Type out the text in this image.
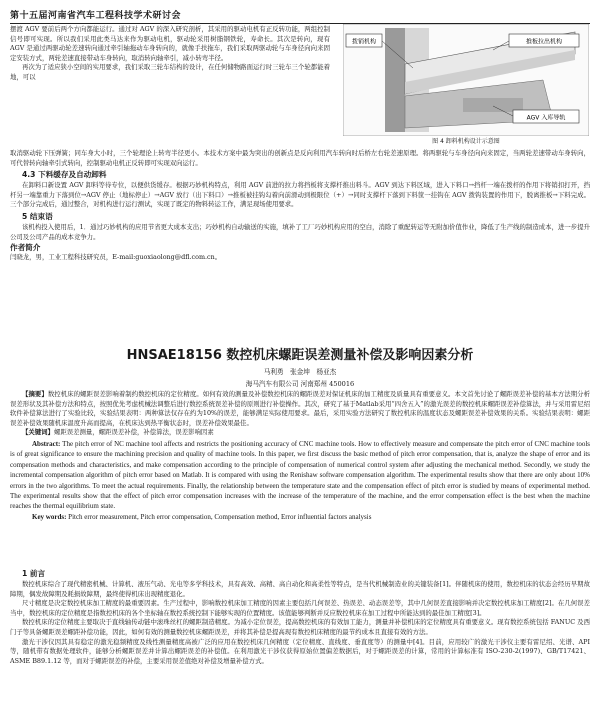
第十五届河南省汽车工程科技学术研讨会

摆渡 AGV 要前后两个方向都能运行。通过对 AGV 的深入研究剖析，其采用的驱动电机有正反转功能，两组控制信号即可实现。所以我们采用此类马达来作为驱动电机，驱动轮采用树脂钢铁轮，寿命长。其次是转向，现有 AGV 是通过两驱动轮差速转向通过牵引轴拖动车身转向的，就像手扶拖车，我们采取两驱动轮与车身径向向来固定安装方式，两轮差速直接带动车身转向，取消转向轴牵引，减小转弯半径。

再次为了适应狭小空间的实用要求，我们采取三轮车结构的设计，在任何储物路面运行时三轮车三个轮都能着地，可以

拨销机构	推板拉出机构
AGV 入库导轨
图 4 卸料机构设计示意图

取消驱动轮下压弹簧；同车身大小时，三个轮理论上转弯半径更小。本技术方案中最为突出的创新点是反向利用汽车转向时后桥左右轮差速原理。将两驱轮与车身径向向来固定，当两轮差速带动车身转向，可代替转向轴牵引式转向，控制驱动电机正反转即可实现双向运行。

4.3 下料缓存及自动卸料

在卸料口新设置 AGV 卸料等待专位，以便供货缓存。根据巧妙机构特点，利用 AGV 前进的拉力将挡板将支撑杆推出料斗。AGV 到达下料区域，进入下料口→挡杆一端在拨杆的作用下将销扣打开，挡杆另一端靠重力下落到位→AGV 停止（地标停止）→AGV 放行（出下料口）→推板被挂钩勾着向前滑动到极限位（+）→同时支撑杆下落到下料筐一挂钩在 AGV 拨钩装置的作用下，脱离推板→下料完成。三个部分完成后，通过整合，对机构进行运行测试，实现了既定的物料转运工作，满足现场使用要求。

5 结束语

该机构投入使用后，1．通过巧妙机构的应用节省更大成本支出；巧妙机构自动输送的实施，填补了工厂巧妙机构应用的空白，消除了重配转运等无附加价值作业，降低了生产线的制造成本，进一步提升公司及公司产品的成本竞争力。

作者简介

闫晓龙，男，工业工程科技研究员，E-mail:guoxiaolong@dfl.com.cn。

HNSAE18156 数控机床螺距误差测量补偿及影响因素分析
马利勇　张金坤　杨亚杰
海马汽车有限公司 河南郑州 450016

【摘要】数控机床的螺距误差影响着制约数控机床的定位精度。如何有效的测量及补偿数控机床的螺距误差对保证机床的加工精度及质量具有重要意义。本文首先讨论了螺距误差补偿的基本方法期分析误差形状及其补偿方法和特点，按照优先考虑机械法调整后进行数控系统误差补偿的原则进行补偿操作。其次，研究了基于Matlab采用“四舍五入”的激光误差的数控机床螺距误差补偿算法，并与采用雷尼绍软件补偿算法进行了实验比较，实验结果表明：两种算法仅存在约为10%的误差，能够满足实际使用要求。最后，采用实验方法研究了数控机床的温度状态及螺距误差补偿效果的关系。实验结果表明：螺距误差补偿效果随机床温度升高而提高，在机床达到热平衡状态时，误差补偿效果最佳。

【关键词】螺距误差测量，螺距误差补偿，补偿算法，误差影响因素

Abstract: The pitch error of NC machine tool affects and restricts the positioning accuracy of CNC machine tools. How to effectively measure and compensate the pitch error of CNC machine tools is of great significance to ensure the machining precision and quality of machine tools. In this paper, we first discuss the basic method of pitch error compensation, that is, analyze the shape of error and its compensation methods and characteristics, and make compensation according to the principle of compensation of numerical control system after adjusting the mechanical method. Secondly, we study the incremental compensation algorithm of pitch error based on Matlab. It is compared with using the Renishaw software compensation algorithm. The experimental results show that there are only about 10% errors in the two algorithms. To meet the actual requirements. Finally, the relationship between the temperature state and the compensation effect of pitch error is studied by means of experimental method. The experimental results show that the effect of pitch error compensation increases with the increase of the temperature of the machine, and the error compensation effect is the best when the machine reaches the thermal equilibrium state.

Key words: Pitch error measurement, Pitch error compensation, Compensation method, Error influential factors analysis

1 前言

数控机床综合了现代精密机械、计算机、液压气动、光电等多学科技术，具有高效、高精、高自动化和高柔性等特点，是当代机械制造业的关键装备[1]。伴随机床的使用，数控机床的状态会经历早期故障期，偶发故障期及耗损故障期，最终使得机床出现精度退化。

尺寸精度是决定数控机床加工精度的最重要因素。生产过程中，影响数控机床加工精度的因素主要包括几何误差、热误差、动态误差等，其中几何误差直接影响并决定数控机床加工精度[2]。在几何误差当中，数控机床的定位精度是指数控机床的各个坐标轴在数控系统控制下能够实现的位置精度。该值能够判断并反应数控机床在加工过程中所能达到的最佳加工精度[3]。

数控机床的定位精度主要取决于直线轴传动链中滚珠丝杠的螺距制造精度。为减小定位误差，提高数控机床的有效加工能力，测量并补偿机床的定位精度具有重要意义。现有数控系统包括 FANUC 及西门子等具备螺距误差螺距补偿功能，因此，如何有效的测量数控机床螺距误差，并将其补偿是提高现有数控机床精度的最节约成本且直接有效的方法。

激光干涉仪因其具有稳定的激光稳频精度及线性测量精度高被广泛的应用在数控机床几何精度（定位精度、直线度、垂直度等）的测量中[4]。目前，应用较广的激光干涉仪主要有雷尼绍、光谱、API 等，随机带有数据处理软件，能够分析螺距误差并计算出螺距误差的补偿值。在利用激光干涉仪获得原始位置偏差数据后，对于螺距误差的计算，常用的计算标准有 ISO-230-2(1997)、GB/T17421、ASME B89.1.12 等，而对于螺距误差的补偿，主要采用误差值绝对补偿及增量补偿方式。
